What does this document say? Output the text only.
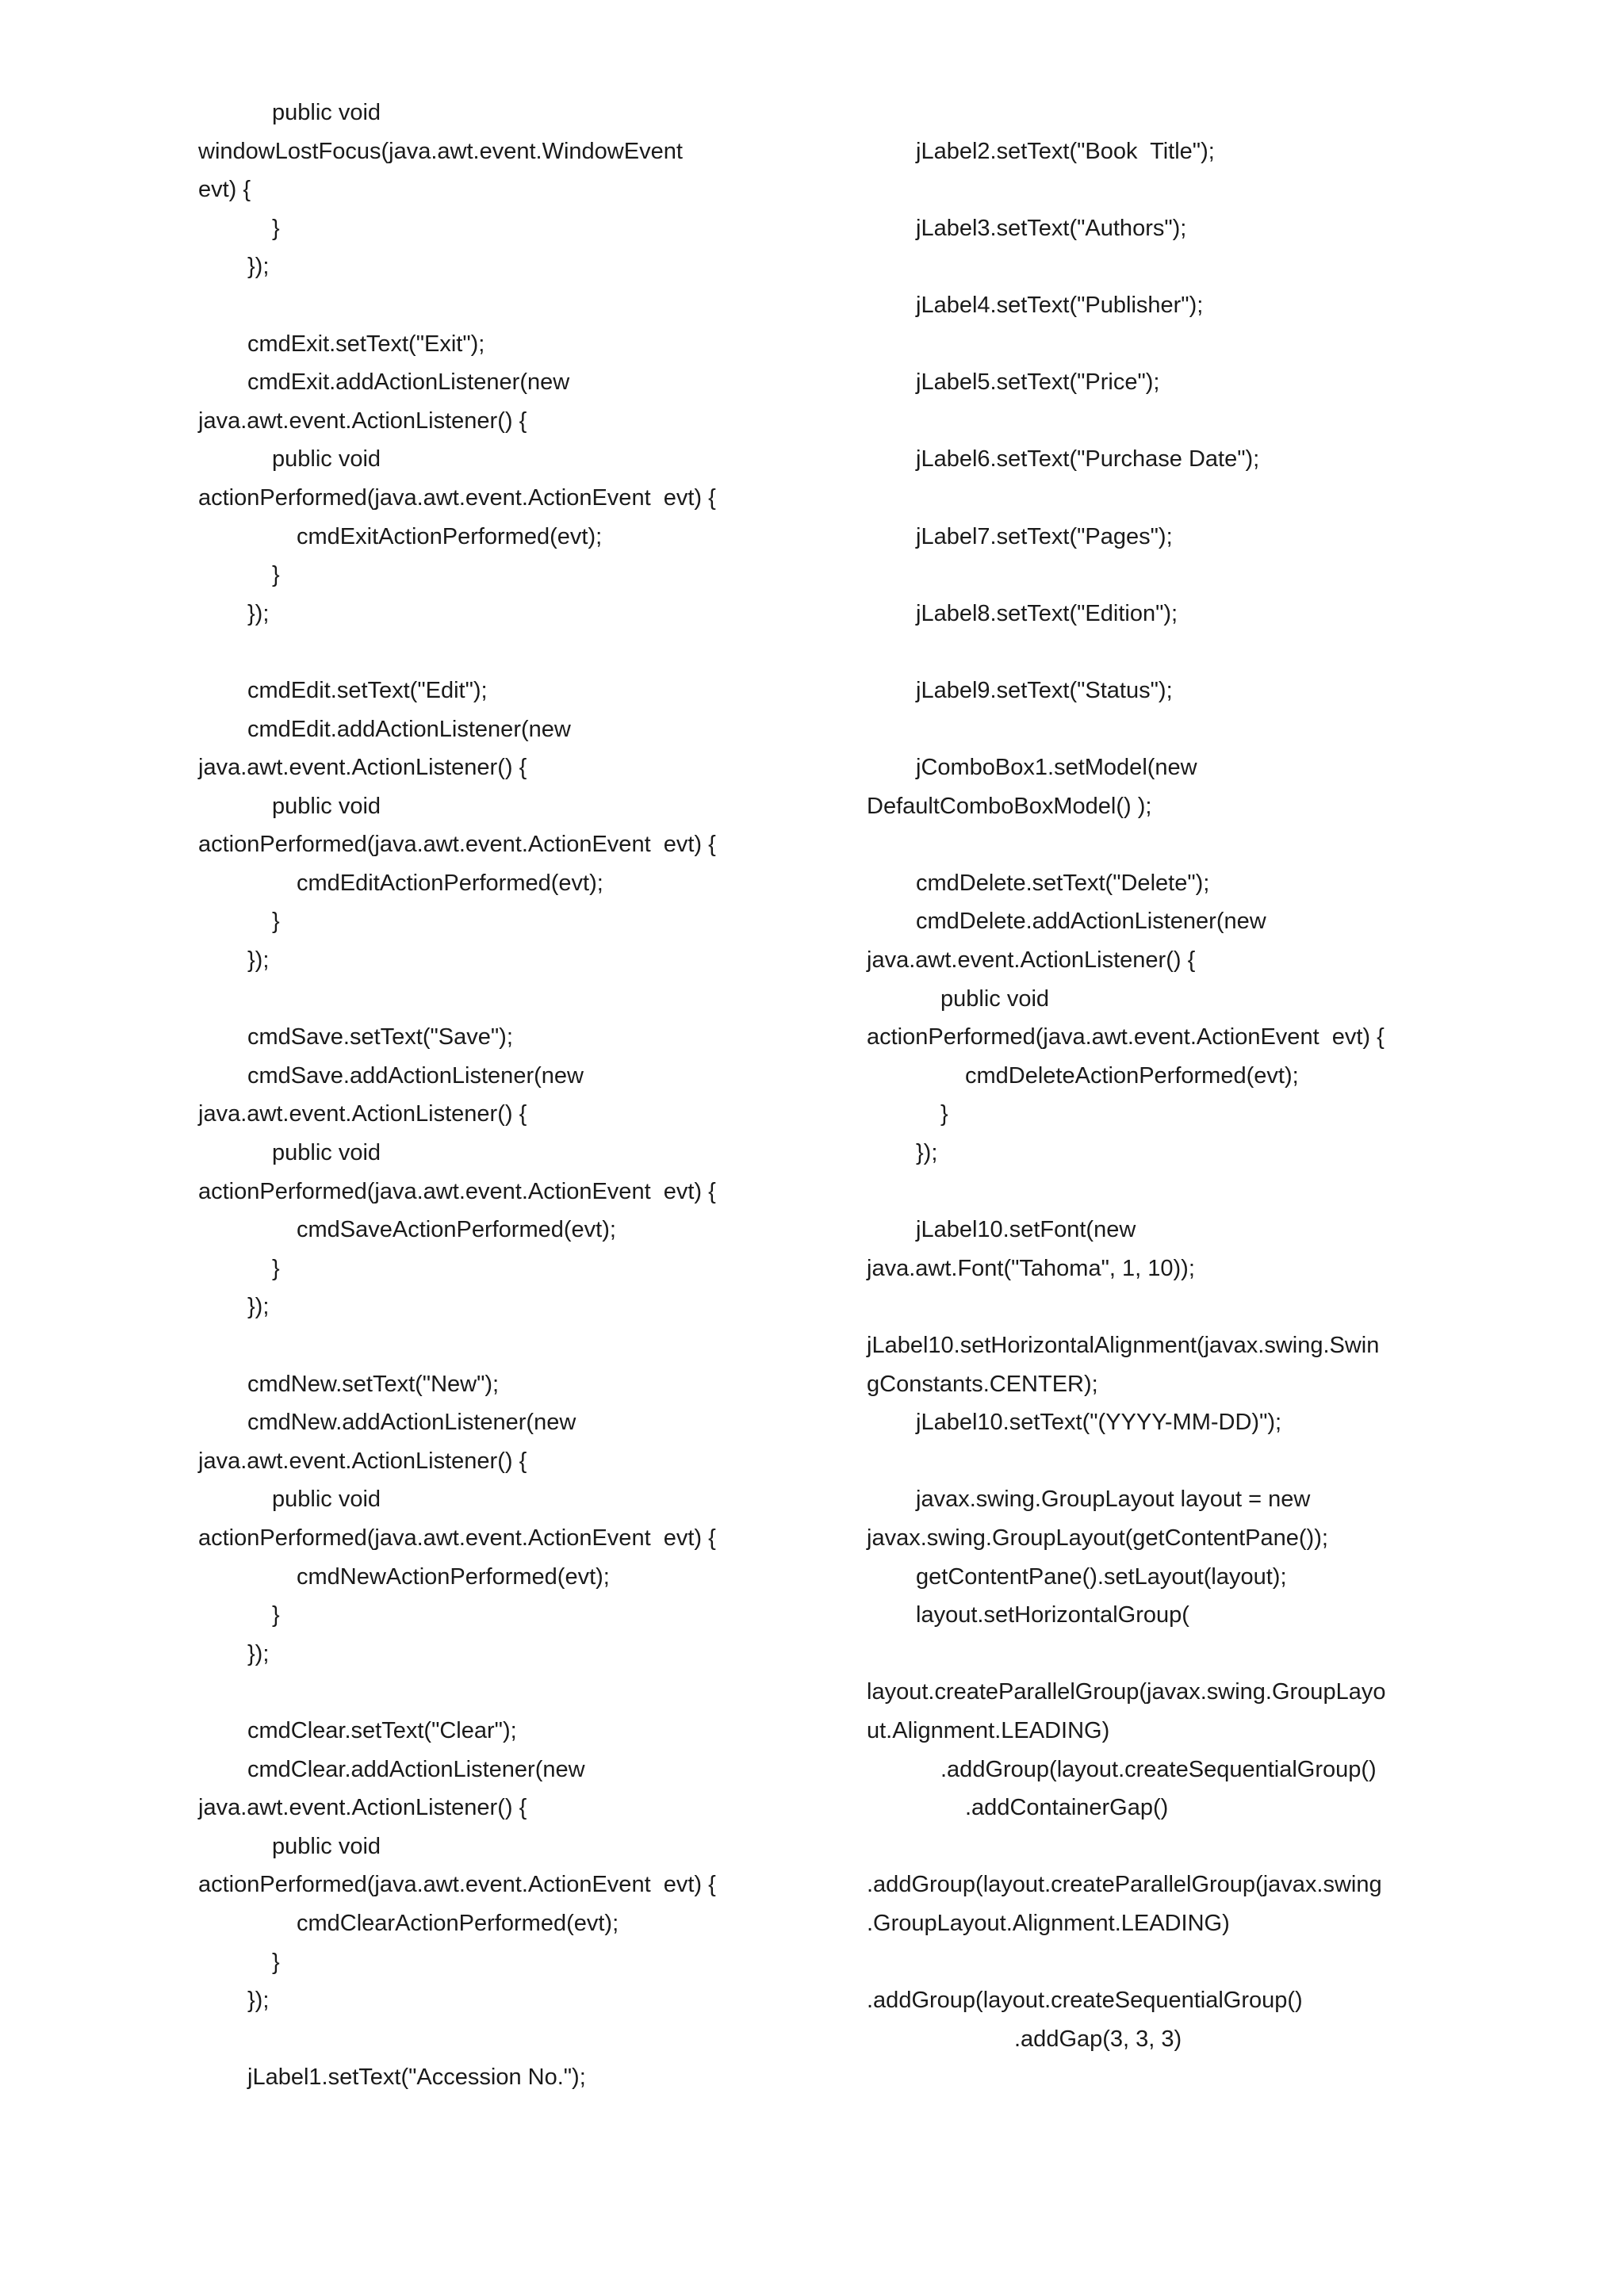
public void
windowLostFocus(java.awt.event.WindowEvent
evt) {
}
});
cmdExit.setText("Exit");
cmdExit.addActionListener(new
java.awt.event.ActionListener() {
public void
actionPerformed(java.awt.event.ActionEvent  evt) {
cmdExitActionPerformed(evt);
}
});
cmdEdit.setText("Edit");
cmdEdit.addActionListener(new
java.awt.event.ActionListener() {
public void
actionPerformed(java.awt.event.ActionEvent  evt) {
cmdEditActionPerformed(evt);
}
});
cmdSave.setText("Save");
cmdSave.addActionListener(new
java.awt.event.ActionListener() {
public void
actionPerformed(java.awt.event.ActionEvent  evt) {
cmdSaveActionPerformed(evt);
}
});
cmdNew.setText("New");
cmdNew.addActionListener(new
java.awt.event.ActionListener() {
public void
actionPerformed(java.awt.event.ActionEvent  evt) {
cmdNewActionPerformed(evt);
}
});
cmdClear.setText("Clear");
cmdClear.addActionListener(new
java.awt.event.ActionListener() {
public void
actionPerformed(java.awt.event.ActionEvent  evt) {
cmdClearActionPerformed(evt);
}
});
jLabel1.setText("Accession No.");
jLabel2.setText("Book  Title");
jLabel3.setText("Authors");
jLabel4.setText("Publisher");
jLabel5.setText("Price");
jLabel6.setText("Purchase Date");
jLabel7.setText("Pages");
jLabel8.setText("Edition");
jLabel9.setText("Status");
jComboBox1.setModel(new
DefaultComboBoxModel() );
cmdDelete.setText("Delete");
cmdDelete.addActionListener(new
java.awt.event.ActionListener() {
public void
actionPerformed(java.awt.event.ActionEvent  evt) {
cmdDeleteActionPerformed(evt);
}
});
jLabel10.setFont(new
java.awt.Font("Tahoma", 1, 10));
jLabel10.setHorizontalAlignment(javax.swing.Swin
gConstants.CENTER);
jLabel10.setText("(YYYY-MM-DD)");
javax.swing.GroupLayout layout = new
javax.swing.GroupLayout(getContentPane());
getContentPane().setLayout(layout);
layout.setHorizontalGroup(
layout.createParallelGroup(javax.swing.GroupLayo
ut.Alignment.LEADING)
.addGroup(layout.createSequentialGroup()
.addContainerGap()
.addGroup(layout.createParallelGroup(javax.swing
.GroupLayout.Alignment.LEADING)
.addGroup(layout.createSequentialGroup()
.addGap(3, 3, 3)
